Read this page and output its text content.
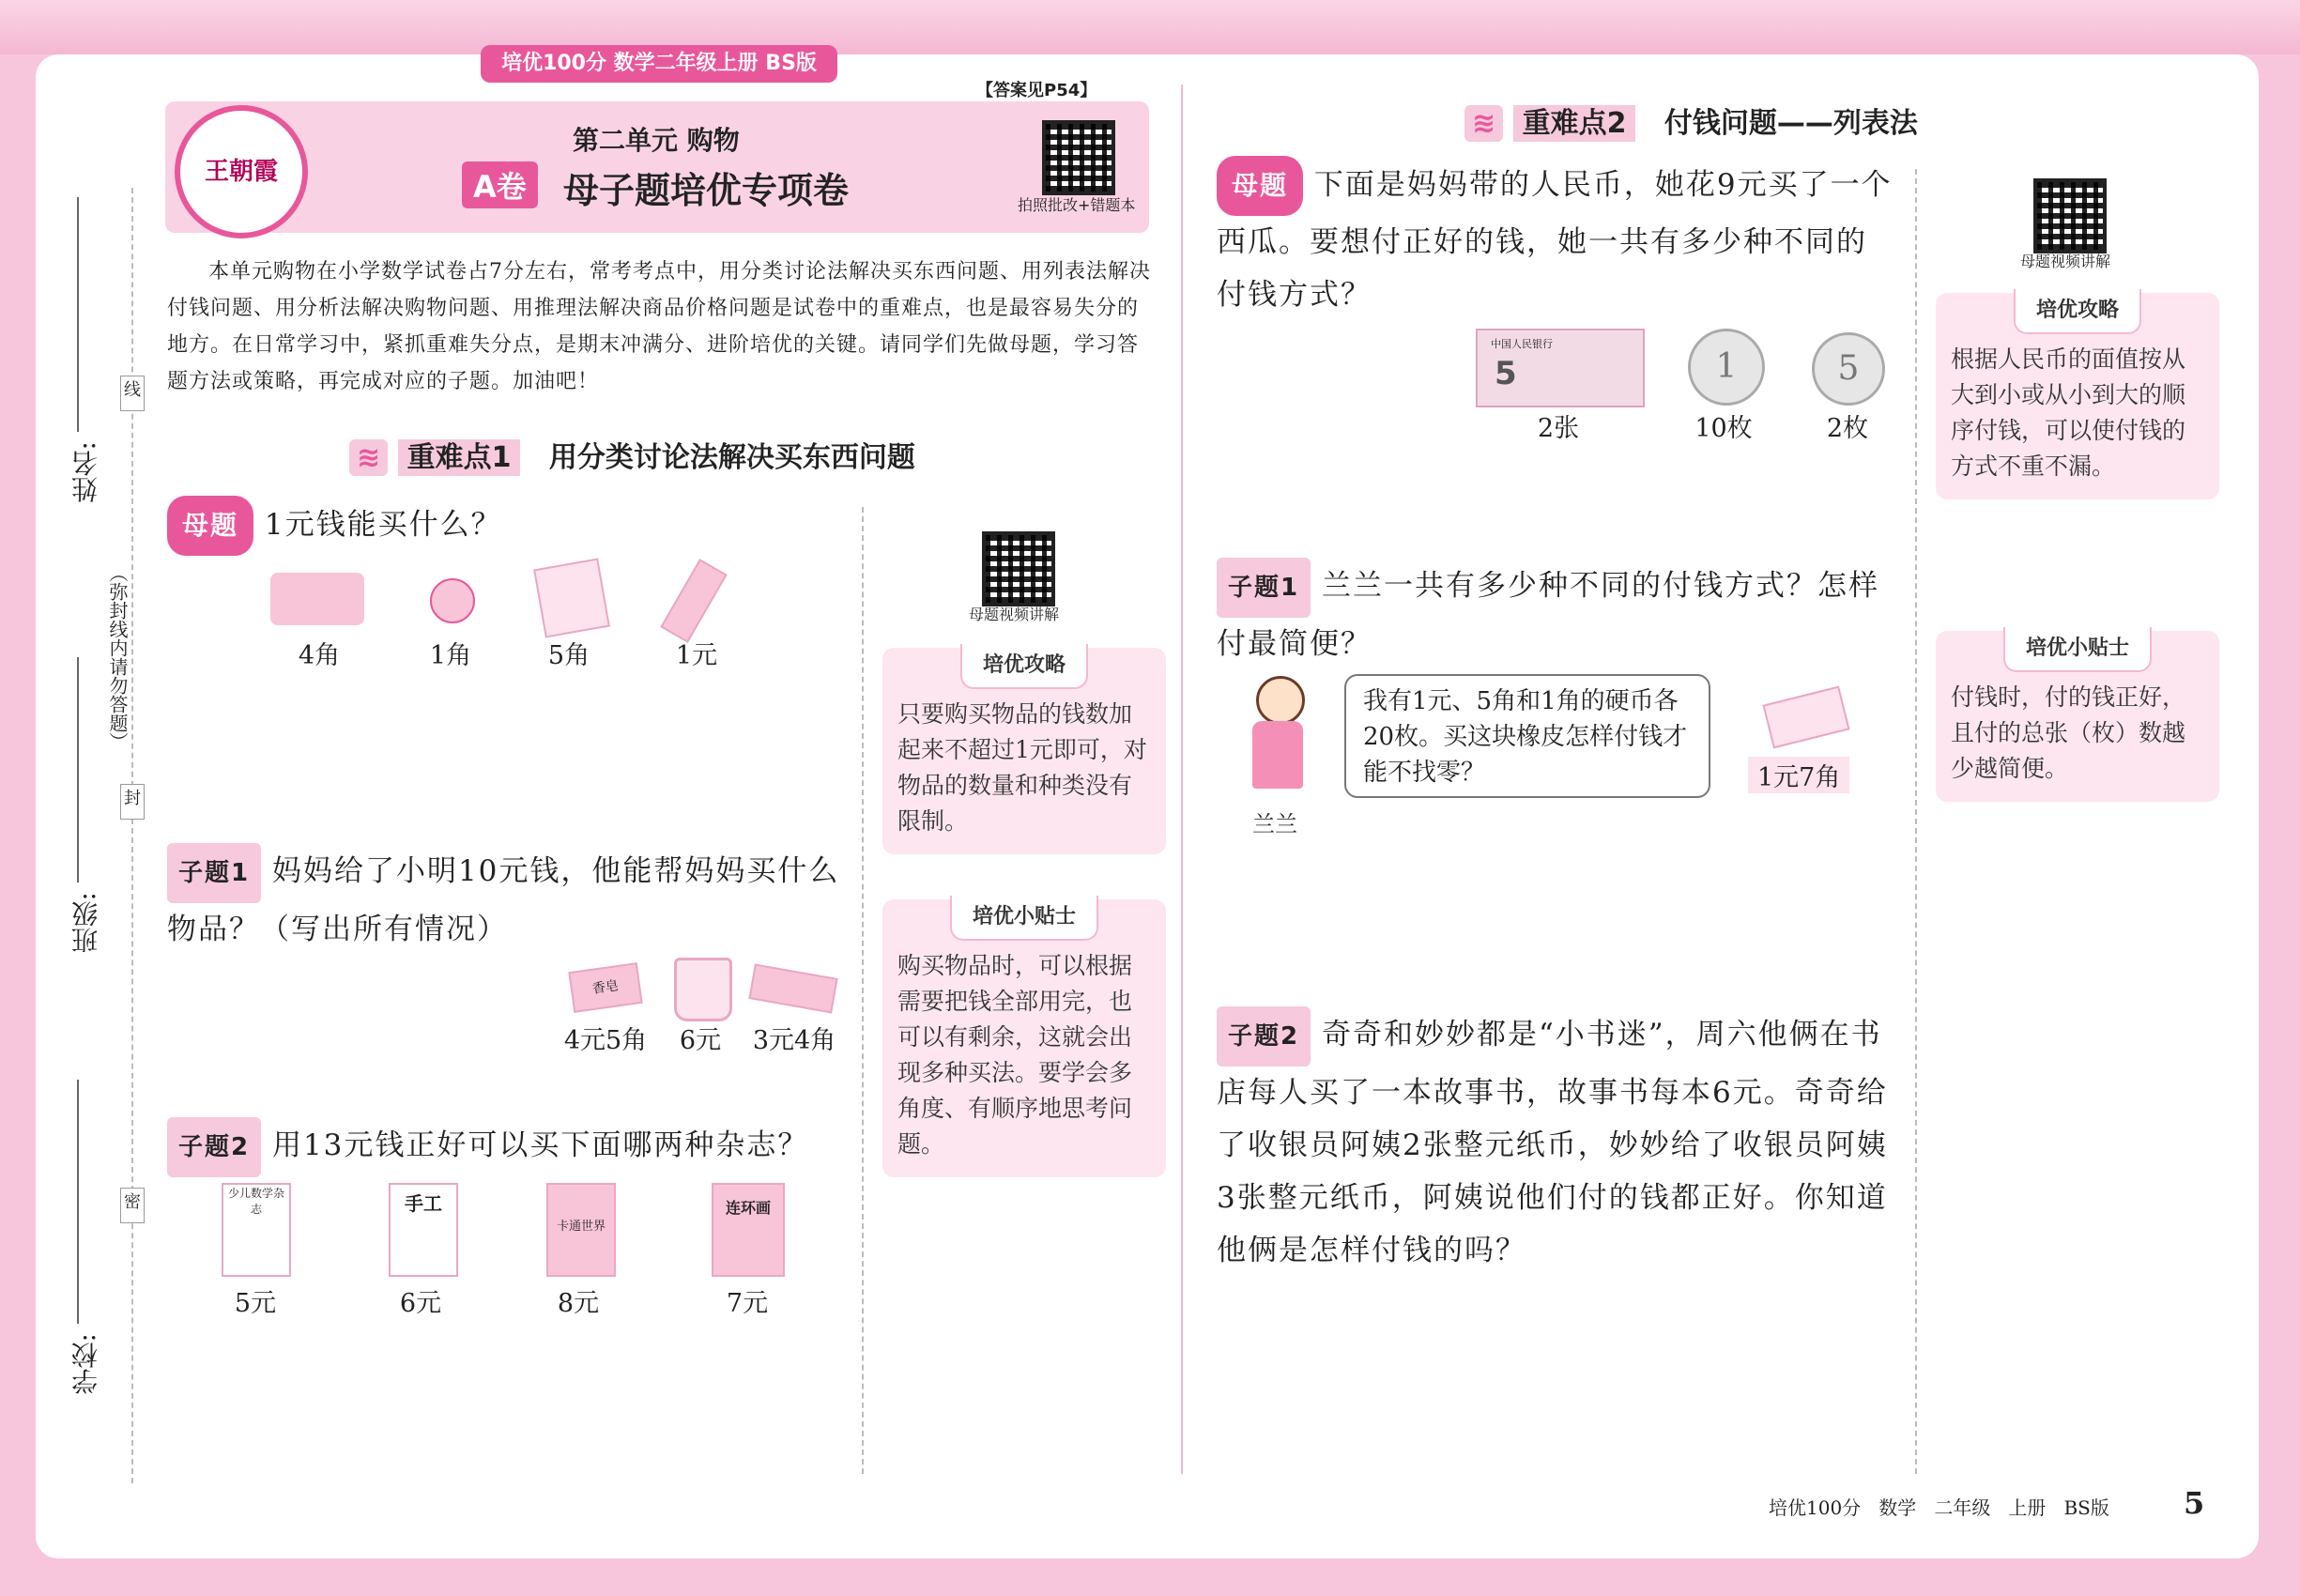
培优100分 数学二年级上册 BS版
【答案见P54】
姓名:
班级:
学校:
线
封
密
（弥封线内请勿答题）
王朝霞
第二单元 购物
A卷	母子题培优专项卷	拍照批改+错题本
本单元购物在小学数学试卷占7分左右，常考考点中，用分类讨论法解决买东西问题、用列表法解决付钱问题、用分析法解决购物问题、用推理法解决商品价格问题是试卷中的重难点，也是最容易失分的地方。在日常学习中，紧抓重难失分点，是期末冲满分、进阶培优的关键。请同学们先做母题，学习答题方法或策略，再完成对应的子题。加油吧！
≋ 重难点1 用分类讨论法解决买东西问题
母题 1元钱能买什么？
4角	1角	5角	1元
母题视频讲解
培优攻略
只要购买物品的钱数加起来不超过1元即可，对物品的数量和种类没有限制。
培优小贴士
购买物品时，可以根据需要把钱全部用完，也可以有剩余，这就会出现多种买法。要学会多角度、有顺序地思考问题。
子题1 妈妈给了小明10元钱，他能帮妈妈买什么物品？（写出所有情况）
香皂
4元5角	6元	3元4角
子题2 用13元钱正好可以买下面哪两种杂志？
少儿数学杂志	手工
卡通世界
连环画
5元	6元	8元	7元
≋ 重难点2 付钱问题——列表法
母题 下面是妈妈带的人民币，她花9元买了一个西瓜。要想付正好的钱，她一共有多少种不同的付钱方式？
中国人民银行
5	1	5
2张	10枚	2枚
母题视频讲解
培优攻略
根据人民币的面值按从大到小或从小到大的顺序付钱，可以使付钱的方式不重不漏。
培优小贴士
付钱时，付的钱正好，且付的总张（枚）数越少越简便。
子题1 兰兰一共有多少种不同的付钱方式？怎样付最简便？
兰兰
我有1元、5角和1角的硬币各20枚。买这块橡皮怎样付钱才能不找零？	1元7角
子题2 奇奇和妙妙都是“小书迷”，周六他俩在书店每人买了一本故事书，故事书每本6元。奇奇给了收银员阿姨2张整元纸币，妙妙给了收银员阿姨3张整元纸币，阿姨说他们付的钱都正好。你知道他俩是怎样付钱的吗？
培优100分   数学   二年级   上册   BS版 5
